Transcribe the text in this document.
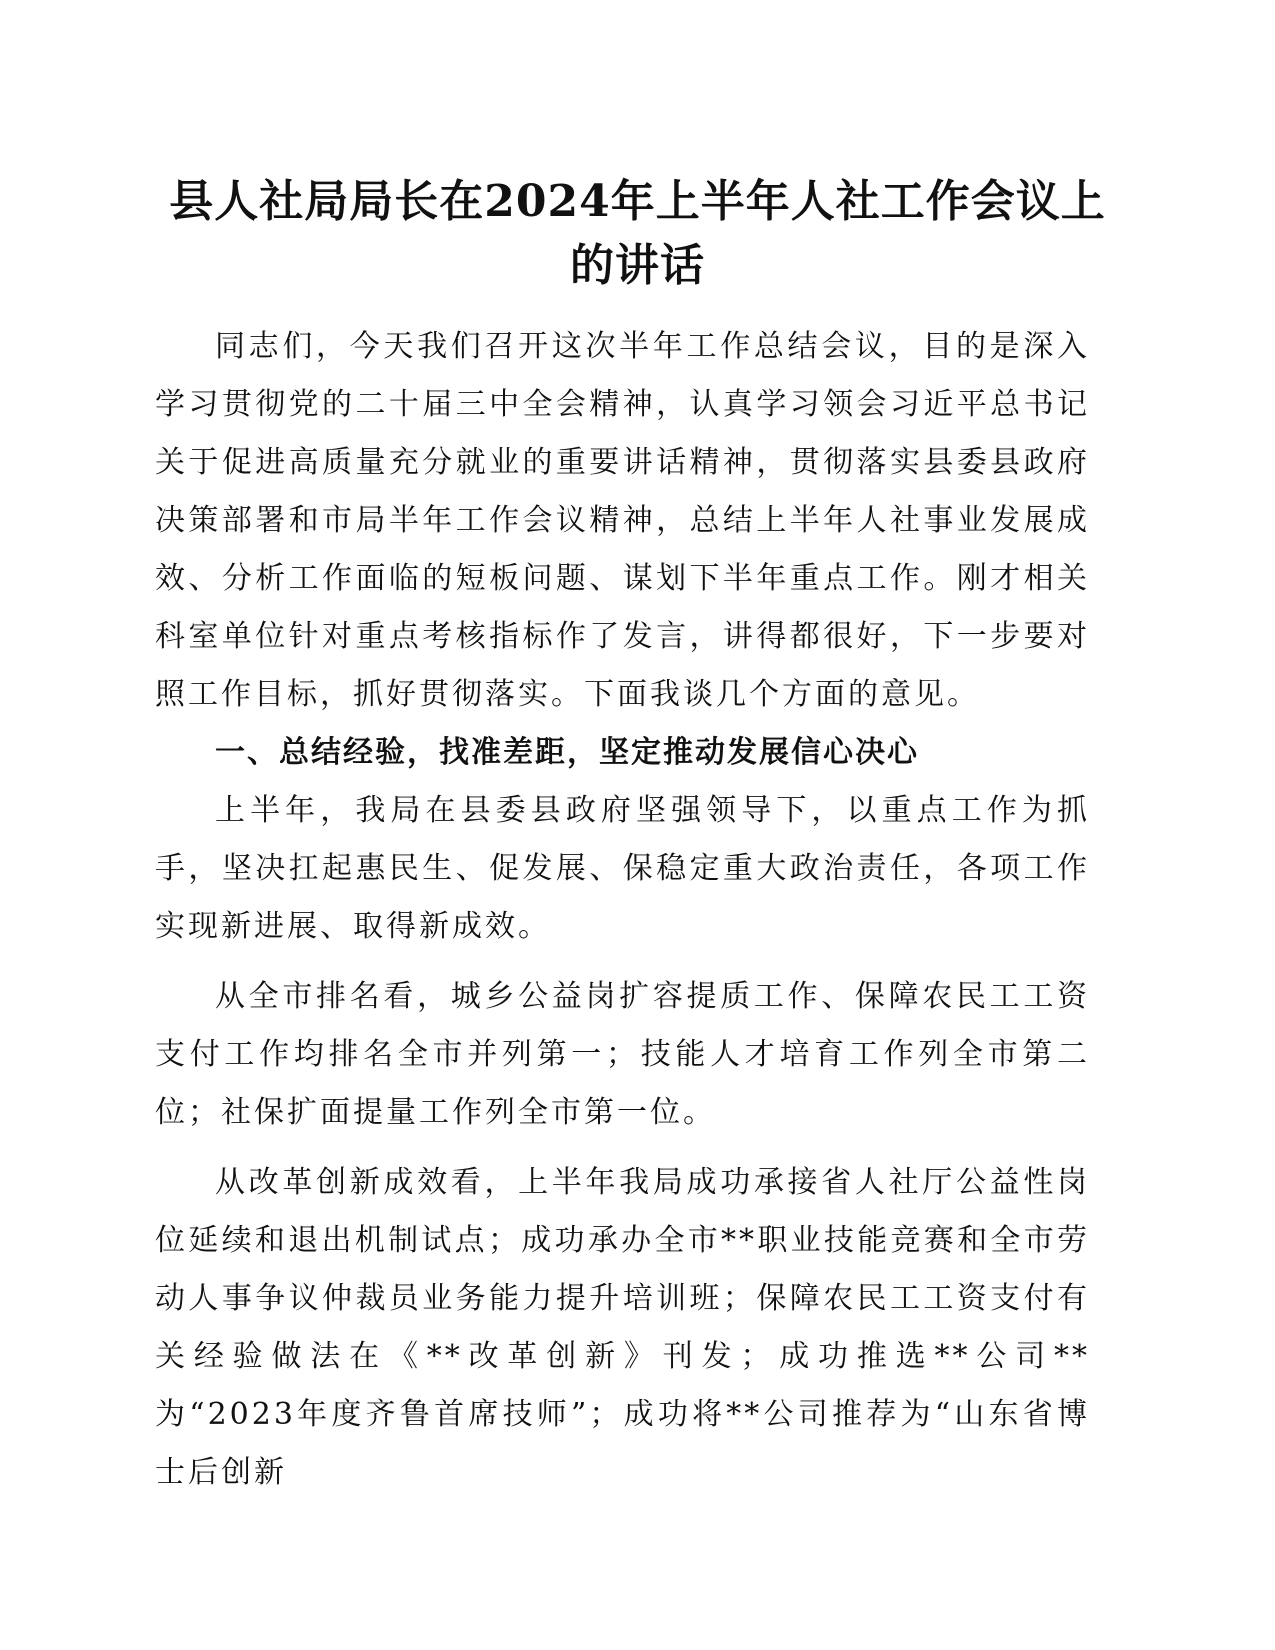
县人社局局长在2024年上半年人社工作会议上
的讲话

同志们，今天我们召开这次半年工作总结会议，目的是深入学习贯彻党的二十届三中全会精神，认真学习领会习近平总书记关于促进高质量充分就业的重要讲话精神，贯彻落实县委县政府决策部署和市局半年工作会议精神，总结上半年人社事业发展成效、分析工作面临的短板问题、谋划下半年重点工作。刚才相关科室单位针对重点考核指标作了发言，讲得都很好，下一步要对照工作目标，抓好贯彻落实。下面我谈几个方面的意见。

一、总结经验，找准差距，坚定推动发展信心决心

上半年，我局在县委县政府坚强领导下，以重点工作为抓手，坚决扛起惠民生、促发展、保稳定重大政治责任，各项工作实现新进展、取得新成效。

从全市排名看，城乡公益岗扩容提质工作、保障农民工工资支付工作均排名全市并列第一；技能人才培育工作列全市第二位；社保扩面提量工作列全市第一位。

从改革创新成效看，上半年我局成功承接省人社厅公益性岗位延续和退出机制试点；成功承办全市**职业技能竞赛和全市劳动人事争议仲裁员业务能力提升培训班；保障农民工工资支付有关经验做法在《**改革创新》刊发；成功推选**公司**为“2023年度齐鲁首席技师”；成功将**公司推荐为“山东省博士后创新
